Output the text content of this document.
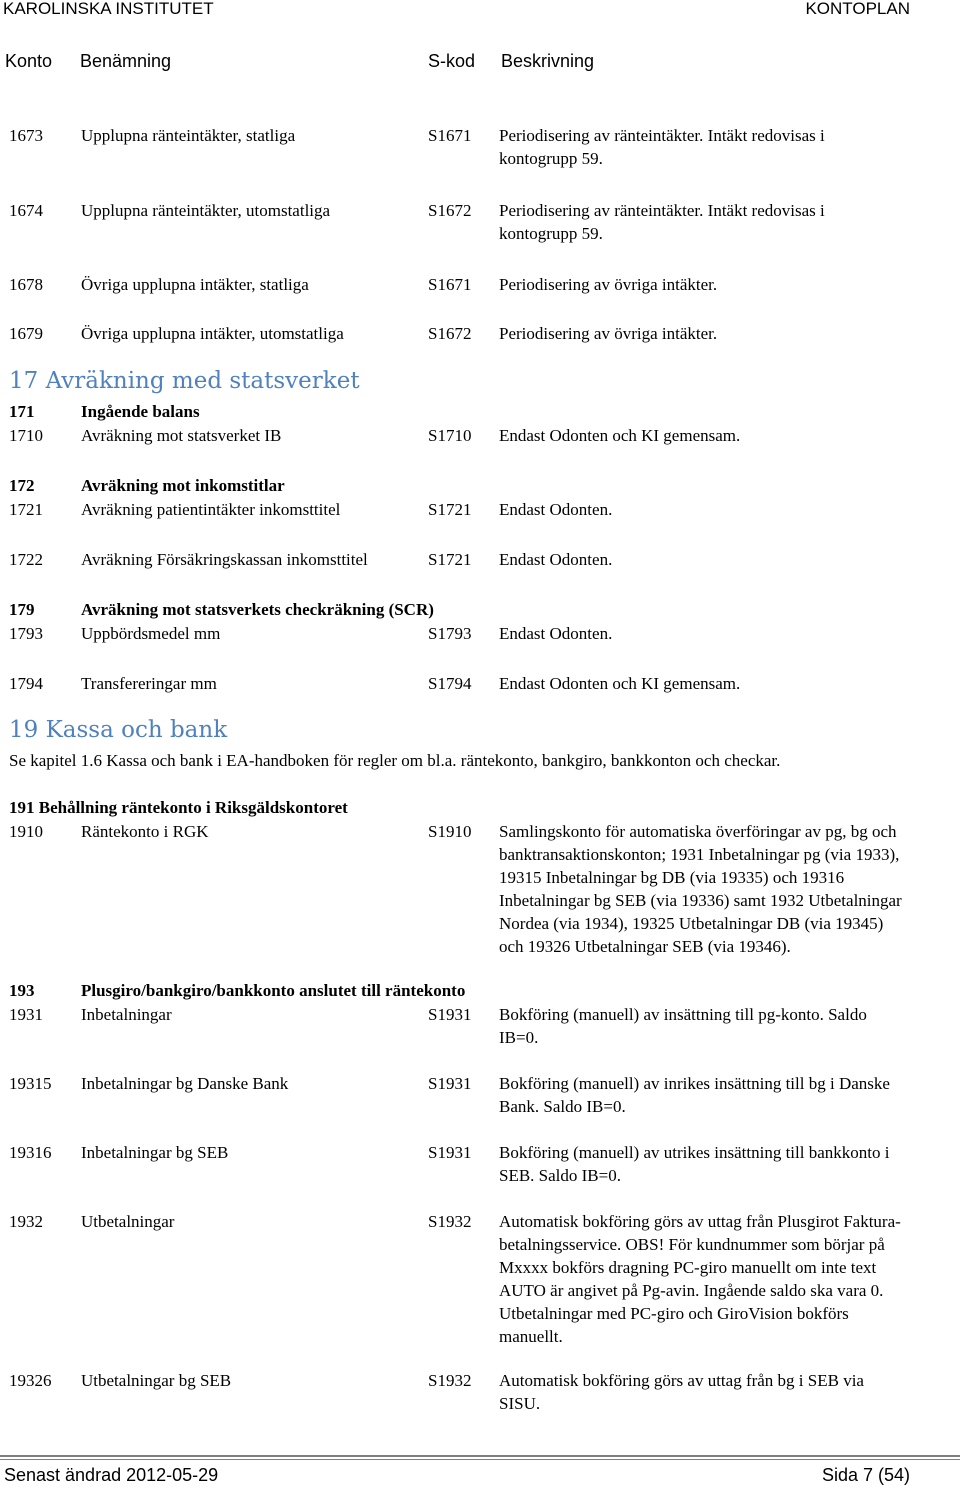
KAROLINSKA INSTITUTET	KONTOPLAN
Konto Benämning	S-kod Beskrivning
1673 Upplupna ränteintäkter, statliga	S1671 Periodisering av ränteintäkter. Intäkt redovisas i
kontogrupp 59.
1674 Upplupna ränteintäkter, utomstatliga	S1672 Periodisering av ränteintäkter. Intäkt redovisas i
kontogrupp 59.
1678 Övriga upplupna intäkter, statliga	S1671 Periodisering av övriga intäkter.
1679 Övriga upplupna intäkter, utomstatliga	S1672 Periodisering av övriga intäkter.
17 Avräkning med statsverket
171	Ingående balans
1710 Avräkning mot statsverket IB	S1710 Endast Odonten och KI gemensam.
172	Avräkning mot inkomstitlar
1721 Avräkning patientintäkter inkomsttitel	S1721 Endast Odonten.
1722 Avräkning Försäkringskassan inkomsttitel	S1721 Endast Odonten.
179	Avräkning mot statsverkets checkräkning (SCR)
1793 Uppbördsmedel mm	S1793 Endast Odonten.
1794 Transfereringar mm	S1794 Endast Odonten och KI gemensam.
19 Kassa och bank
Se kapitel 1.6 Kassa och bank i EA-handboken för regler om bl.a. räntekonto, bankgiro, bankkonton och checkar.
191 Behållning räntekonto i Riksgäldskontoret
1910 Räntekonto i RGK	S1910 Samlingskonto för automatiska överföringar av pg, bg och
banktransaktionskonton; 1931 Inbetalningar pg (via 1933),
19315 Inbetalningar bg DB (via 19335) och 19316
Inbetalningar bg SEB (via 19336) samt 1932 Utbetalningar
Nordea (via 1934), 19325 Utbetalningar DB (via 19345)
och 19326 Utbetalningar SEB (via 19346).
193	Plusgiro/bankgiro/bankkonto anslutet till räntekonto
1931 Inbetalningar	S1931 Bokföring (manuell) av insättning till pg-konto. Saldo
IB=0.
19315 Inbetalningar bg Danske Bank	S1931 Bokföring (manuell) av inrikes insättning till bg i Danske
Bank. Saldo IB=0.
19316 Inbetalningar bg SEB	S1931 Bokföring (manuell) av utrikes insättning till bankkonto i
SEB. Saldo IB=0.
1932 Utbetalningar	S1932 Automatisk bokföring görs av uttag från Plusgirot Faktura-
betalningsservice. OBS! För kundnummer som börjar på
Mxxxx bokförs dragning PC-giro manuellt om inte text
AUTO är angivet på Pg-avin. Ingående saldo ska vara 0.
Utbetalningar med PC-giro och GiroVision bokförs
manuellt.
19326 Utbetalningar bg SEB	S1932 Automatisk bokföring görs av uttag från bg i SEB via
SISU.
Senast ändrad 2012-05-29	Sida 7 (54)
